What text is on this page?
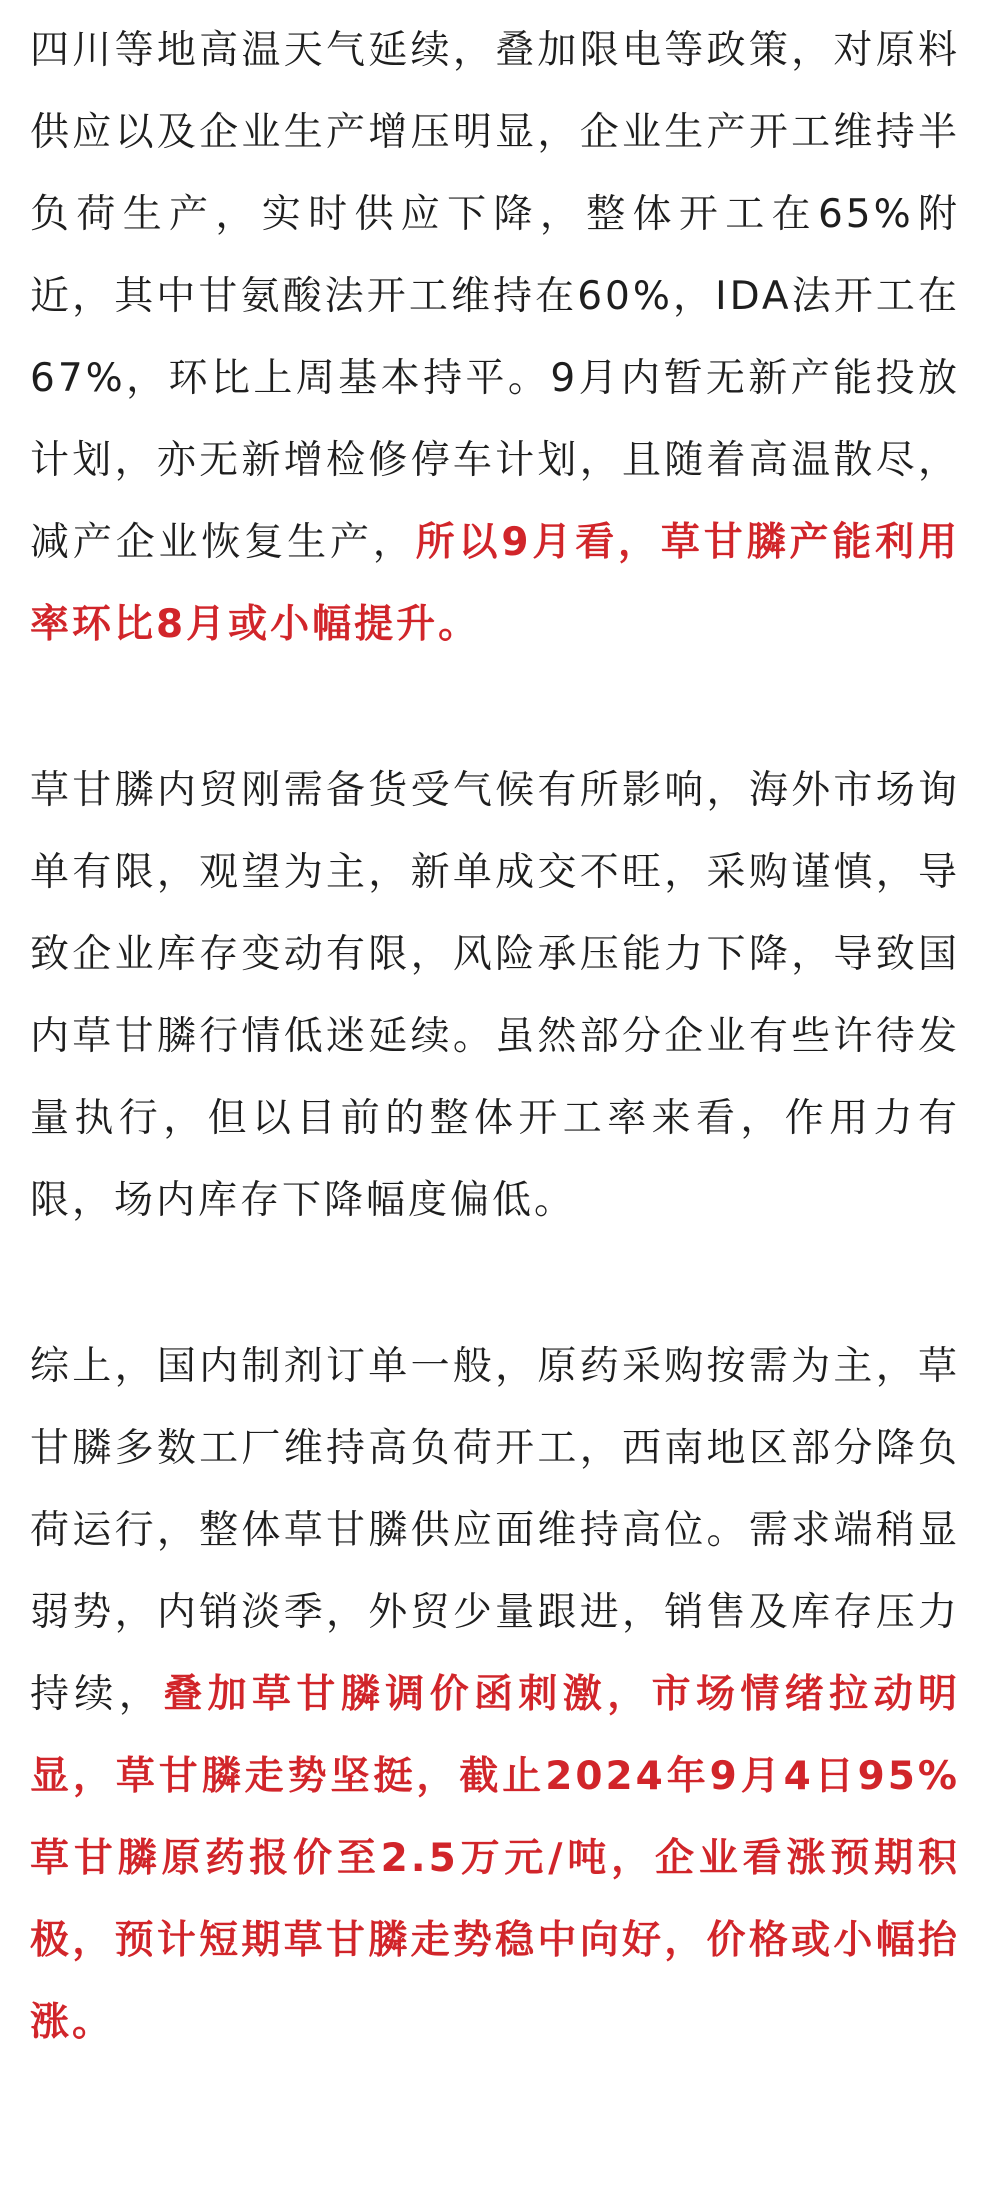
四川等地高温天气延续，叠加限电等政策，对原料供应以及企业生产增压明显，企业生产开工维持半负荷生产，实时供应下降，整体开工在65%附近，其中甘氨酸法开工维持在60%，IDA法开工在67%，环比上周基本持平。9月内暂无新产能投放计划，亦无新增检修停车计划，且随着高温散尽，减产企业恢复生产，所以9月看，草甘膦产能利用率环比8月或小幅提升。

草甘膦内贸刚需备货受气候有所影响，海外市场询单有限，观望为主，新单成交不旺，采购谨慎，导致企业库存变动有限，风险承压能力下降，导致国内草甘膦行情低迷延续。虽然部分企业有些许待发量执行，但以目前的整体开工率来看，作用力有限，场内库存下降幅度偏低。

综上，国内制剂订单一般，原药采购按需为主，草甘膦多数工厂维持高负荷开工，西南地区部分降负荷运行，整体草甘膦供应面维持高位。需求端稍显弱势，内销淡季，外贸少量跟进，销售及库存压力持续，叠加草甘膦调价函刺激，市场情绪拉动明显，草甘膦走势坚挺，截止2024年9月4日95%草甘膦原药报价至2.5万元/吨，企业看涨预期积极，预计短期草甘膦走势稳中向好，价格或小幅抬涨。
